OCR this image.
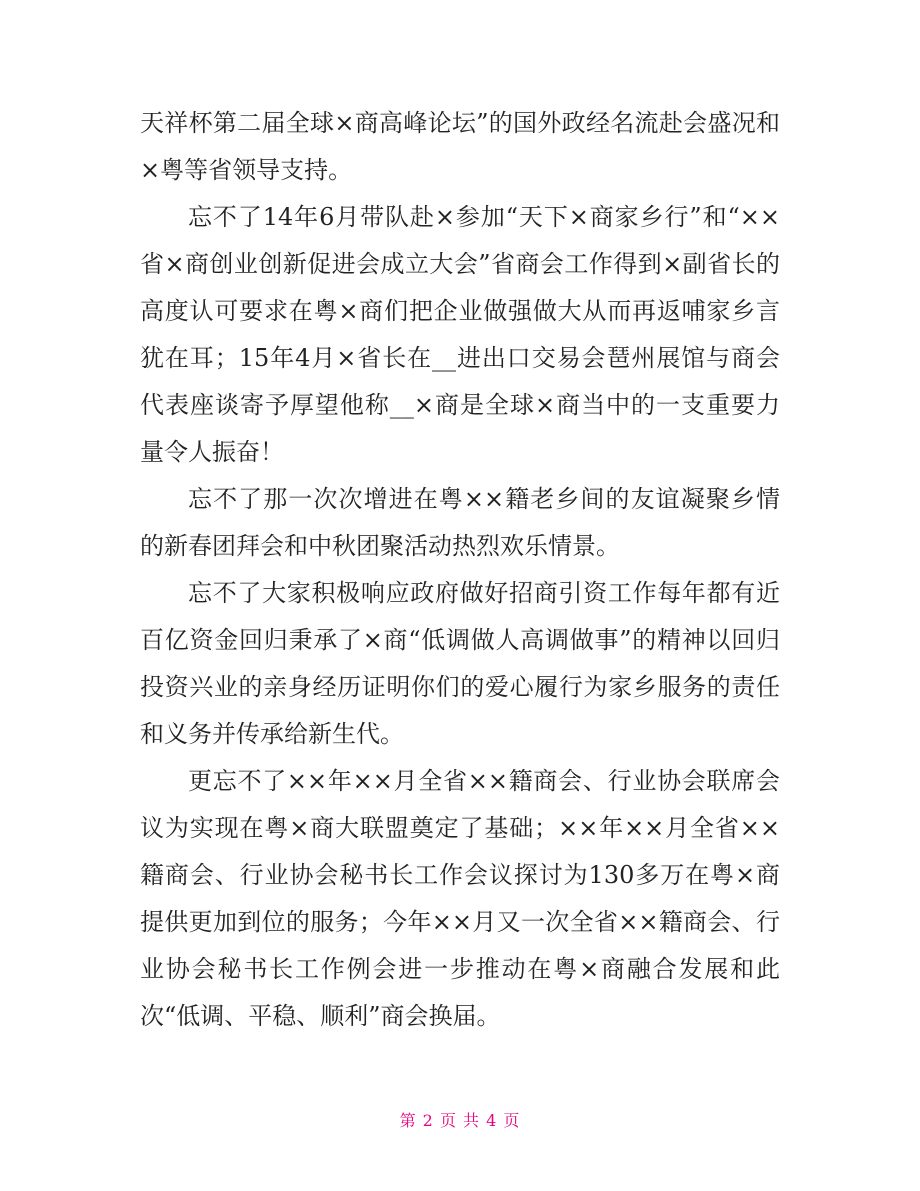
天祥杯第二届全球×商高峰论坛”的国外政经名流赴会盛况和×粤等省领导支持。

忘不了14年6月带队赴×参加“天下×商家乡行”和“××省×商创业创新促进会成立大会”省商会工作得到×副省长的高度认可要求在粤×商们把企业做强做大从而再返哺家乡言犹在耳；15年4月×省长在__进出口交易会琶州展馆与商会代表座谈寄予厚望他称__×商是全球×商当中的一支重要力量令人振奋！

忘不了那一次次增进在粤××籍老乡间的友谊凝聚乡情的新春团拜会和中秋团聚活动热烈欢乐情景。

忘不了大家积极响应政府做好招商引资工作每年都有近百亿资金回归秉承了×商“低调做人高调做事”的精神以回归投资兴业的亲身经历证明你们的爱心履行为家乡服务的责任和义务并传承给新生代。

更忘不了××年××月全省××籍商会、行业协会联席会议为实现在粤×商大联盟奠定了基础；××年××月全省××籍商会、行业协会秘书长工作会议探讨为130多万在粤×商提供更加到位的服务；今年××月又一次全省××籍商会、行业协会秘书长工作例会进一步推动在粤×商融合发展和此次“低调、平稳、顺利”商会换届。

第 2 页 共 4 页
